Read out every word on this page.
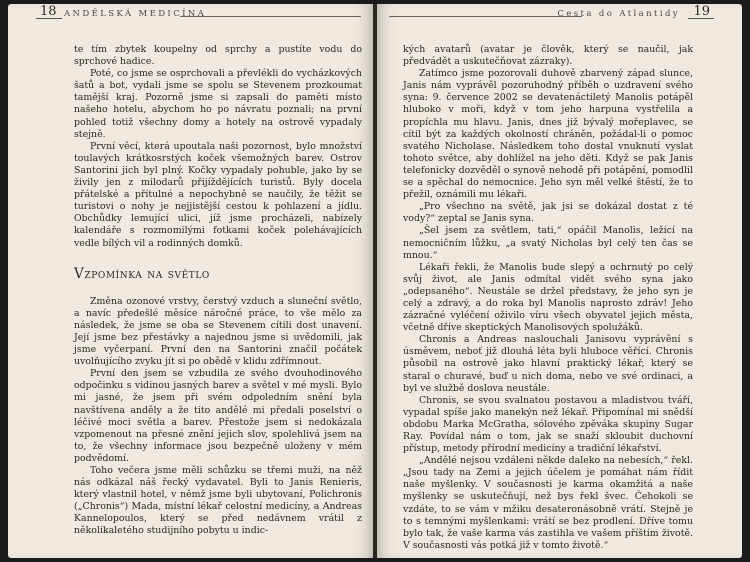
18 ANDĚLSKÁ MEDICÍNA

te tím zbytek koupelny od sprchy a pustíte vodu do sprchové hadice.

Poté, co jsme se osprchovali a převlékli do vycházkových šatů a bot, vydali jsme se spolu se Stevenem prozkoumat tamější kraj. Pozorně jsme si zapsali do paměti místo našeho hotelu, abychom ho po návratu poznali; na první pohled totiž všechny domy a hotely na ostrově vypadaly stejně.

První věcí, která upoutala naši pozornost, bylo množství toulavých krátkosrstých koček všemožných barev. Ostrov Santorini jich byl plný. Kočky vypadaly pohuble, jako by se živily jen z milodarů přijíždějících turistů. Byly docela přátelské a přítulné a nepochybně se naučily, že těžit se turistovi o nohy je nejjistější cestou k pohlazení a jídlu. Obchůdky lemující ulici, jíž jsme procházeli, nabízely kalendáře s rozmomilými fotkami koček polehávajících vedle bílých vil a rodinných domků.

Vzpomínka na světlo

Změna ozonové vrstvy, čerstvý vzduch a sluneční světlo, a navíc předešlé měsíce náročné práce, to vše mělo za následek, že jsme se oba se Stevenem cítili dost unavení. Její jsme bez přestávky a najednou jsme si uvědomili, jak jsme vyčerpaní. První den na Santorini značil počátek uvolňujícího zvyku jít si po obědě v klidu zdřímnout.

První den jsem se vzbudila ze svého dvouhodinového odpočinku s vidinou jasných barev a světel v mé mysli. Bylo mi jasné, že jsem při svém odpoledním snění byla navštívena anděly a že tito andělé mi předali poselství o léčivé moci světla a barev. Přestože jsem si nedokázala vzpomenout na přesné znění jejich slov, spolehlivá jsem na to, že všechny informace jsou bezpečně uloženy v mém podvědomí.

Toho večera jsme měli schůzku se třemi muži, na něž nás odkázal náš řecký vydavatel. Byli to Janis Renieris, který vlastnil hotel, v němž jsme byli ubytovaní, Polichronis („Chronis“) Mada, místní lékař celostní medicíny, a Andreas Kannelopoulos, který se před nedávnem vrátil z několikaletého studijního pobytu u indic-

Cesta do Atlantidy 19

kých avatarů (avatar je člověk, který se naučil, jak předvádět a uskutečňovat zázraky).

Zatímco jsme pozorovali duhově zbarvený západ slunce, Janis nám vyprávěl pozoruhodný příběh o uzdravení svého syna: 9. července 2002 se devatenáctiletý Manolis potápěl hluboko v moři, když v tom jeho harpuna vystřelila a propíchla mu hlavu. Janis, dnes již bývalý mořeplavec, se cítil být za každých okolností chráněn, požádal-li o pomoc svatého Nicholase. Následkem toho dostal vnuknutí vyslat tohoto světce, aby dohlížel na jeho děti. Když se pak Janis telefonicky dozvěděl o synově nehodě při potápění, pomodlil se a spěchal do nemocnice. Jeho syn měl velké štěstí, že to přežil, oznámili mu lékaři.

„Pro všechno na světě, jak jsi se dokázal dostat z té vody?“ zeptal se Janis syna.

„Šel jsem za světlem, tati,“ opáčil Manolis, ležící na nemocničním lůžku, „a svatý Nicholas byl celý ten čas se mnou.“

Lékaři řekli, že Manolis bude slepý a ochrnutý po celý svůj život, ale Janis odmítal vidět svého syna jako „odepsaného“. Neustále se držel představy, že jeho syn je celý a zdravý, a do roka byl Manolis naprosto zdráv! Jeho zázračné vyléčení oživilo víru všech obyvatel jejich města, včetně dříve skeptických Manolisových spolužáků.

Chronis a Andreas naslouchali Janisovu vyprávění s úsměvem, neboť již dlouhá léta byli hluboce věřící. Chronis působil na ostrově jako hlavní praktický lékař, který se staral o churavé, buď u nich doma, nebo ve své ordinaci, a byl ve službě doslova neustále.

Chronis, se svou svalnatou postavou a mladistvou tváří, vypadal spíše jako manekýn než lékař. Připomínal mi snědší obdobu Marka McGratha, sólového zpěváka skupiny Sugar Ray. Povídal nám o tom, jak se snaží skloubit duchovní přístup, metody přírodní medicíny a tradiční lékařství.

„Andělé nejsou vzdáleni někde daleko na nebesích,“ řekl. „Jsou tady na Zemi a jejich účelem je pomáhat nám řídit naše myšlenky. V současnosti je karma okamžitá a naše myšlenky se uskutečňují, než bys řekl švec. Čehokoli se vzdáte, to se vám v mžiku desateronásobně vrátí. Stejně je to s temnými myšlenkami: vrátí se bez prodlení. Dříve tomu bylo tak, že vaše karma vás zastihla ve vašem příštím životě. V současnosti vás potká již v tomto životě.“
